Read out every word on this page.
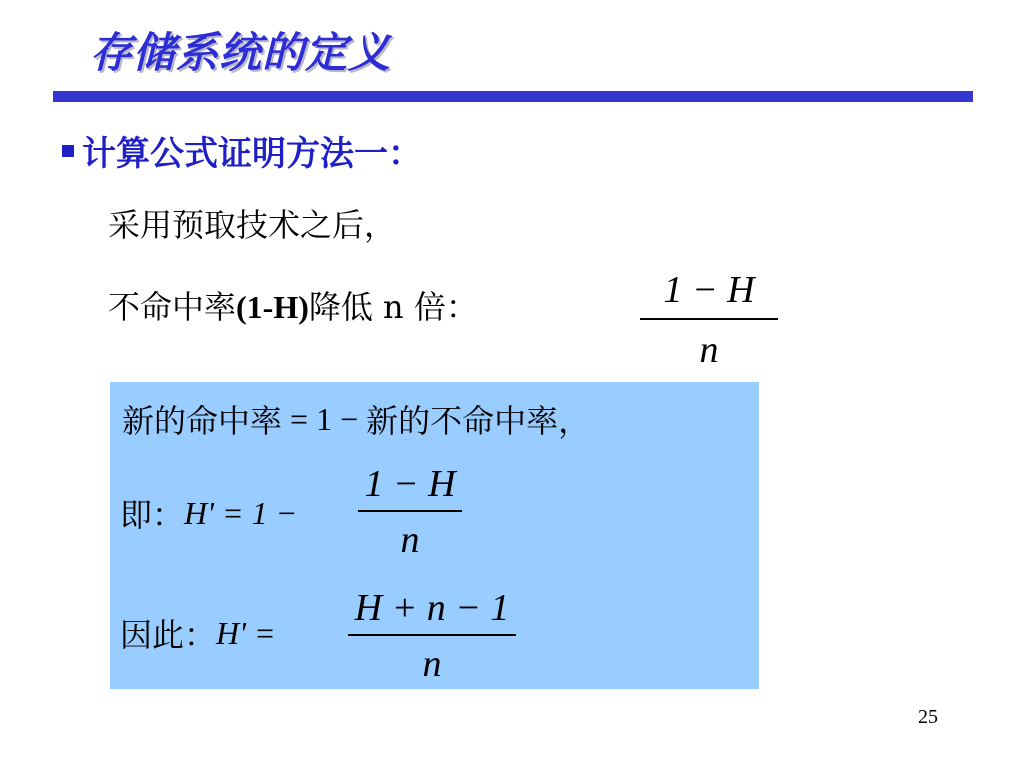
存储系统的定义
计算公式证明方法一：
采用预取技术之后，
不命中率 (1-H) 降低 n 倍：	1 − H
n
新的命中率 = 1 − 新的不命中率，
即： H' = 1 −
1 − H
n
因此： H' =
H + n − 1
n
25
